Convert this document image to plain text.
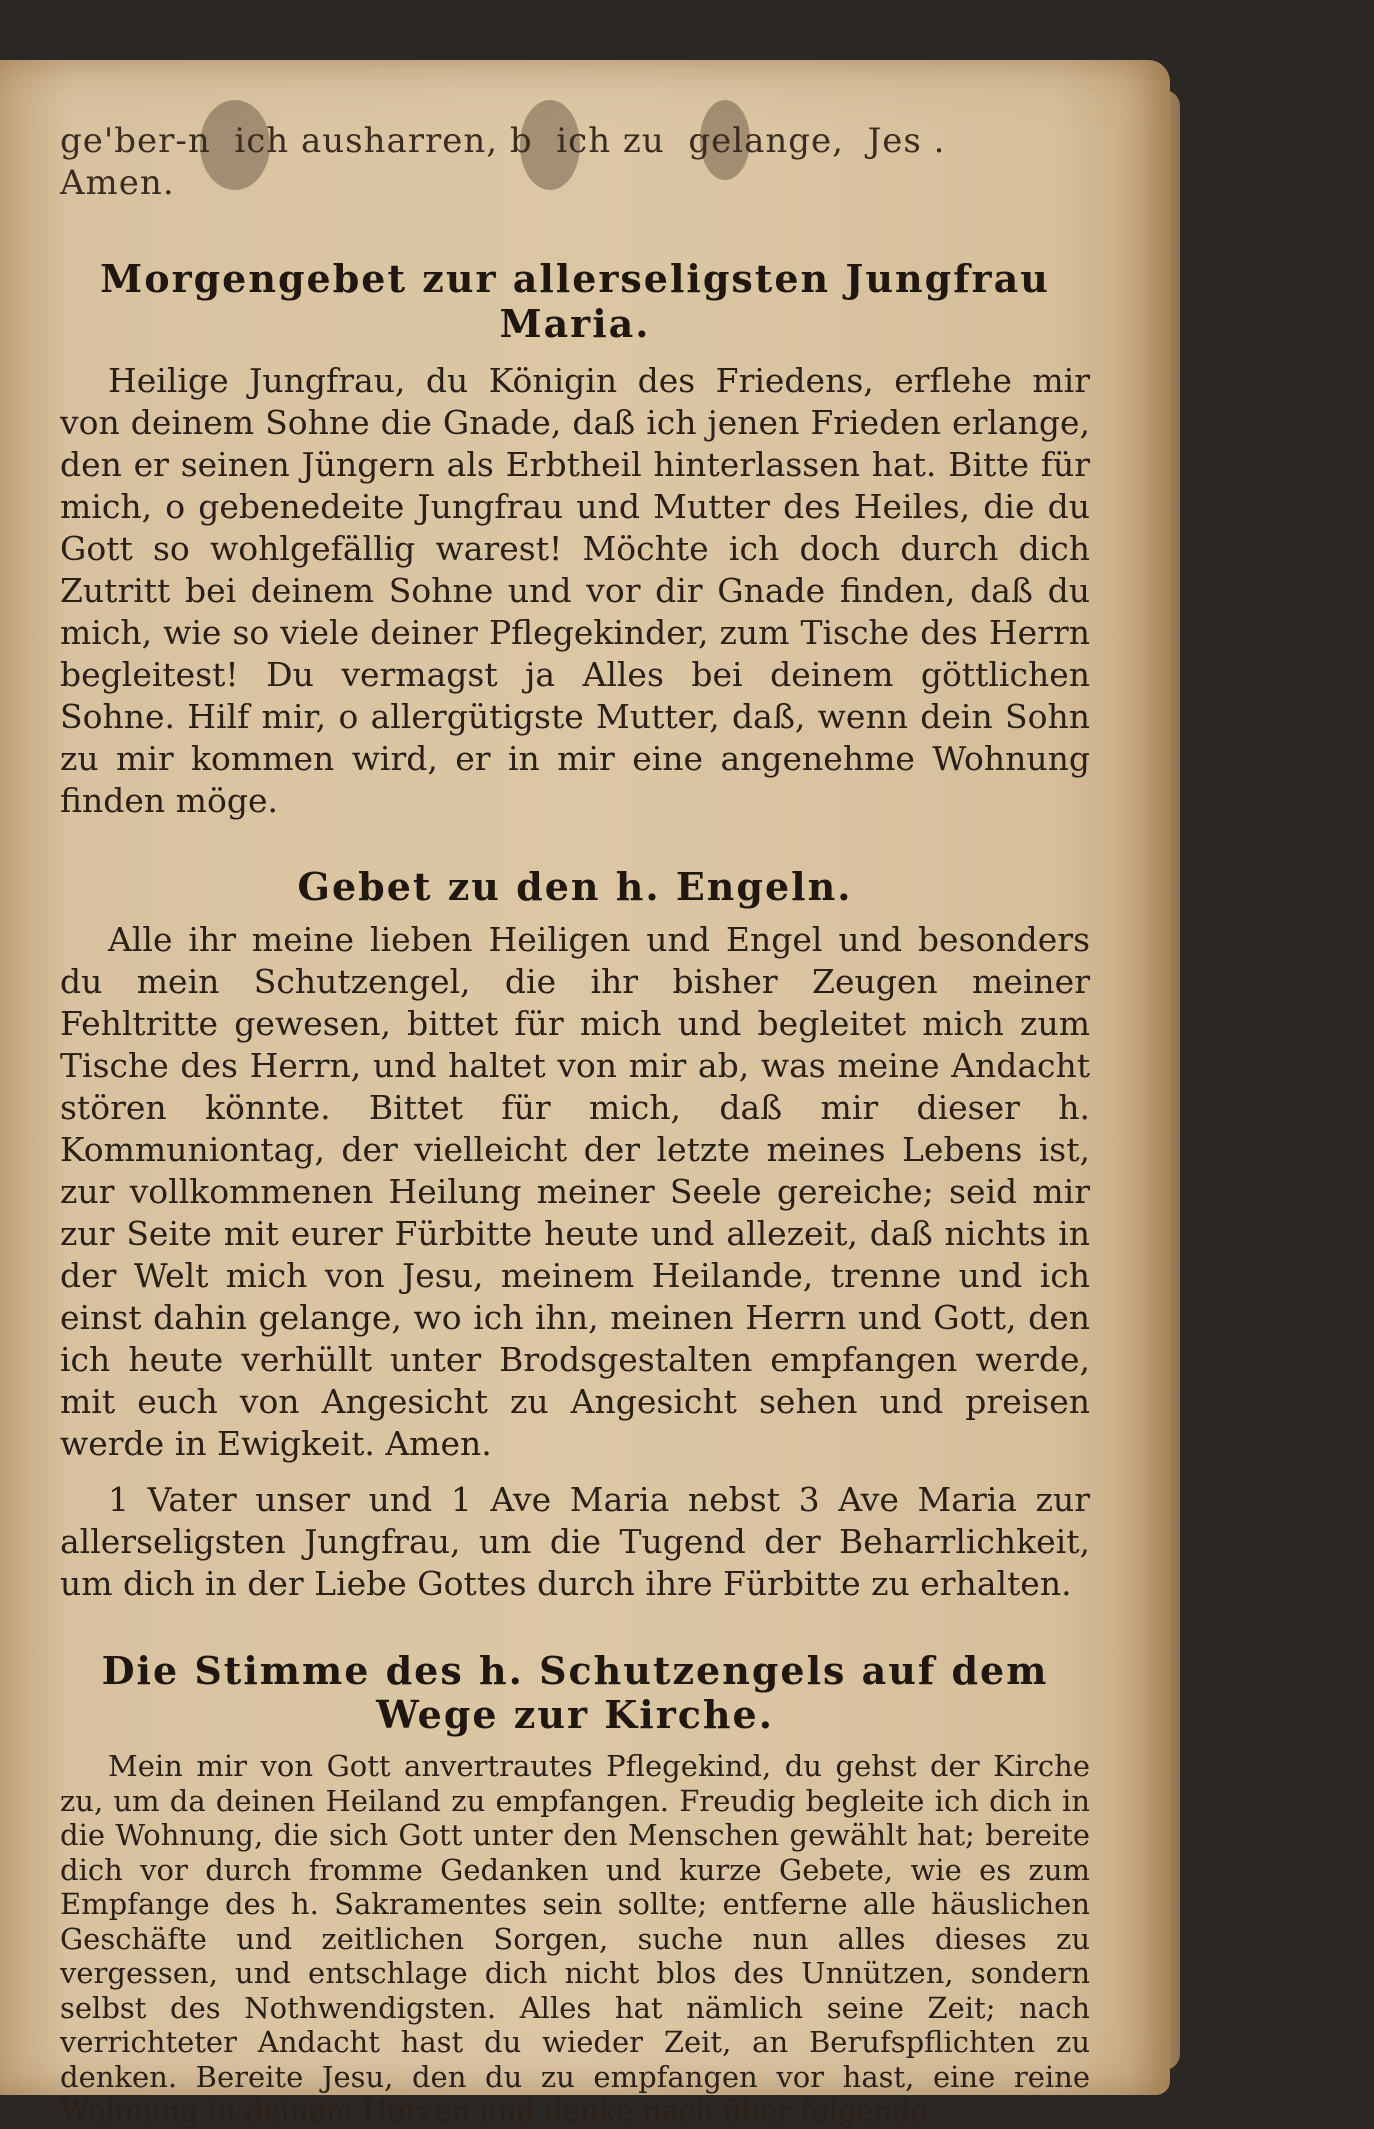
ge'ber-n  ich ausharren, b  ich zu  gelange,  Jes .
Amen.
Morgengebet zur allerseligsten Jungfrau Maria.

Heilige Jungfrau, du Königin des Friedens, erflehe mir von deinem Sohne die Gnade, daß ich jenen Frieden erlange, den er seinen Jüngern als Erbtheil hinterlassen hat. Bitte für mich, o gebenedeite Jungfrau und Mutter des Heiles, die du Gott so wohlgefällig warest! Möchte ich doch durch dich Zutritt bei deinem Sohne und vor dir Gnade finden, daß du mich, wie so viele deiner Pflegekinder, zum Tische des Herrn begleitest! Du vermagst ja Alles bei deinem göttlichen Sohne. Hilf mir, o allergütigste Mutter, daß, wenn dein Sohn zu mir kommen wird, er in mir eine angenehme Wohnung finden möge.

Gebet zu den h. Engeln.

Alle ihr meine lieben Heiligen und Engel und besonders du mein Schutzengel, die ihr bisher Zeugen meiner Fehltritte gewesen, bittet für mich und begleitet mich zum Tische des Herrn, und haltet von mir ab, was meine Andacht stören könnte. Bittet für mich, daß mir dieser h. Kommuniontag, der vielleicht der letzte meines Lebens ist, zur vollkommenen Heilung meiner Seele gereiche; seid mir zur Seite mit eurer Fürbitte heute und allezeit, daß nichts in der Welt mich von Jesu, meinem Heilande, trenne und ich einst dahin gelange, wo ich ihn, meinen Herrn und Gott, den ich heute verhüllt unter Brodsgestalten empfangen werde, mit euch von Angesicht zu Angesicht sehen und preisen werde in Ewigkeit. Amen.

1 Vater unser und 1 Ave Maria nebst 3 Ave Maria zur allerseligsten Jungfrau, um die Tugend der Beharrlichkeit, um dich in der Liebe Gottes durch ihre Fürbitte zu erhalten.

Die Stimme des h. Schutzengels auf dem Wege zur Kirche.

Mein mir von Gott anvertrautes Pflegekind, du gehst der Kirche zu, um da deinen Heiland zu empfangen. Freudig begleite ich dich in die Wohnung, die sich Gott unter den Menschen gewählt hat; bereite dich vor durch fromme Gedanken und kurze Gebete, wie es zum Empfange des h. Sakramentes sein sollte; entferne alle häuslichen Geschäfte und zeitlichen Sorgen, suche nun alles dieses zu vergessen, und entschlage dich nicht blos des Unnützen, sondern selbst des Nothwendigsten. Alles hat nämlich seine Zeit; nach verrichteter Andacht hast du wieder Zeit, an Berufspflichten zu denken. Bereite Jesu, den du zu empfangen vor hast, eine reine Wohnung in deinem Herzen und denke nach über folgende
